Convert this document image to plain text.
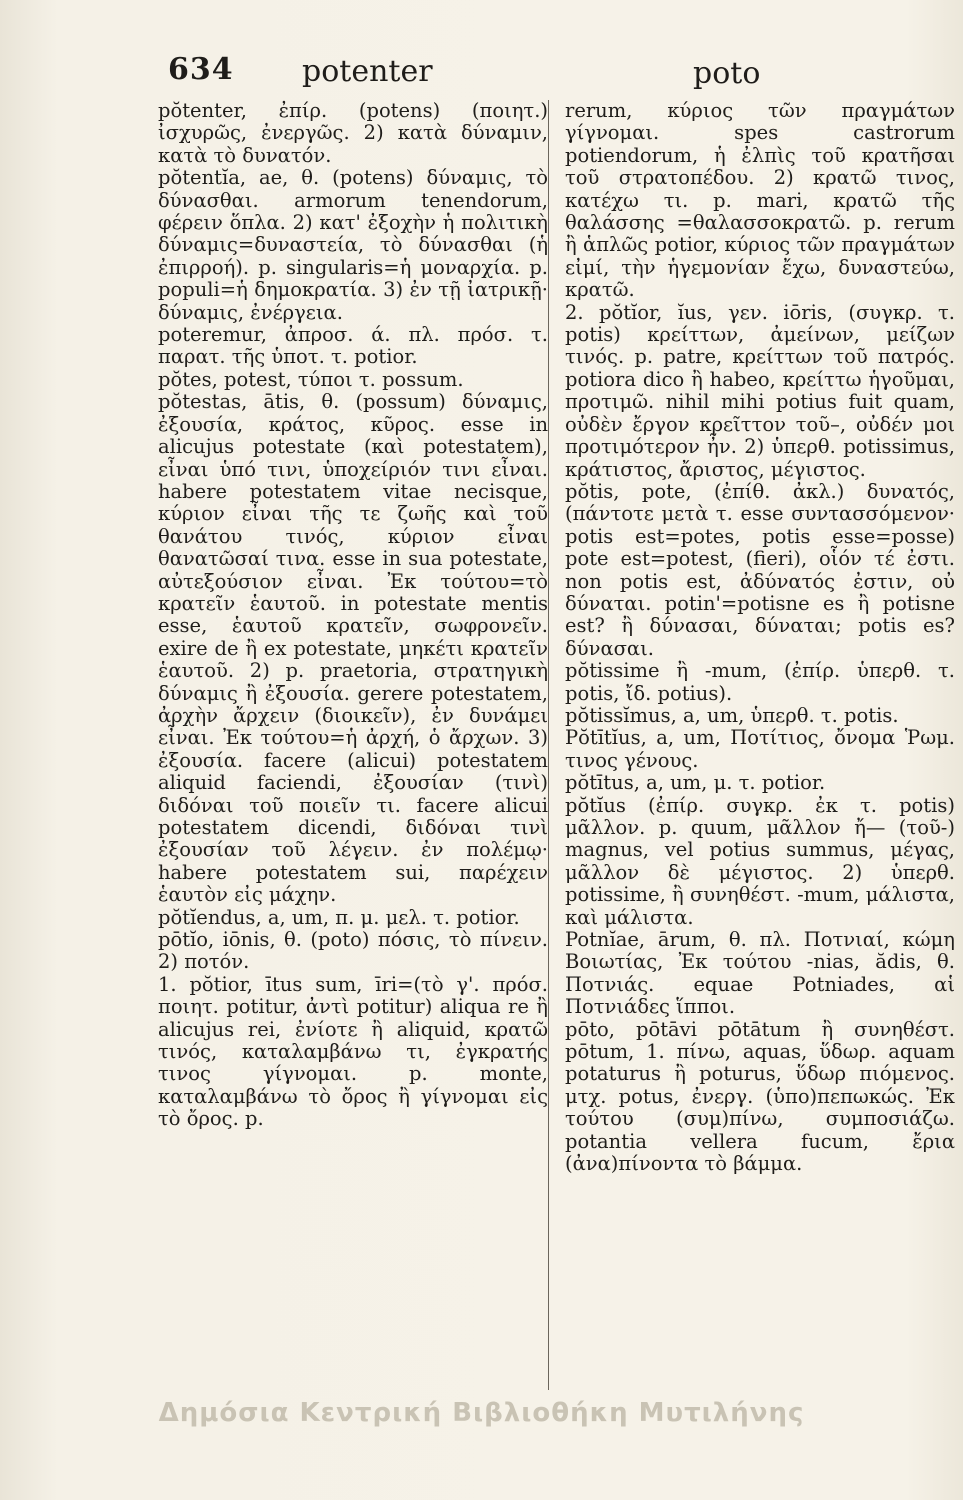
634 potenter	poto

pŏtenter, ἐπίρ. (potens) (ποιητ.) ἰσχυρῶς, ἐνεργῶς. 2) κατὰ δύναμιν, κατὰ τὸ δυνατόν.

pŏtentĭa, ae, θ. (potens) δύναμις, τὸ δύνασθαι. armorum tenendorum, φέρειν ὅπλα. 2) κατ' ἐξοχὴν ἡ πολιτικὴ δύναμις=δυναστεία, τὸ δύνασθαι (ἡ ἐπιρροή). p. singularis=ἡ μοναρχία. p. populi=ἡ δημοκρατία. 3) ἐν τῇ ἰατρικῇ· δύναμις, ἐνέργεια.

poteremur, ἀπροσ. ά. πλ. πρόσ. τ. παρατ. τῆς ὑποτ. τ. potior.

pŏtes, potest, τύποι τ. possum.

pŏtestas, ātis, θ. (possum) δύναμις, ἐξουσία, κράτος, κῦρος. esse in alicujus potestate (καὶ potestatem), εἶναι ὑπό τινι, ὑποχείριόν τινι εἶναι. habere potestatem vitae necisque, κύριον εἶναι τῆς τε ζωῆς καὶ τοῦ θανάτου τινός, κύριον εἶναι θανατῶσαί τινα. esse in sua potestate, αὐτεξούσιον εἶναι. Ἐκ τούτου=τὸ κρατεῖν ἑαυτοῦ. in potestate mentis esse, ἑαυτοῦ κρατεῖν, σωφρονεῖν. exire de ἢ ex potestate, μηκέτι κρατεῖν ἑαυτοῦ. 2) p. praetoria, στρατηγικὴ δύναμις ἢ ἐξουσία. gerere potestatem, ἀρχὴν ἄρχειν (διοικεῖν), ἐν δυνάμει εἶναι. Ἐκ τούτου=ἡ ἀρχή, ὁ ἄρχων. 3) ἐξουσία. facere (alicui) potestatem aliquid faciendi, ἐξουσίαν (τινὶ) διδόναι τοῦ ποιεῖν τι. facere alicui potestatem dicendi, διδόναι τινὶ ἐξουσίαν τοῦ λέγειν. ἐν πολέμῳ· habere potestatem sui, παρέχειν ἑαυτὸν εἰς μάχην.

pŏtĭendus, a, um, π. μ. μελ. τ. potior.

pōtĭo, iōnis, θ. (poto) πόσις, τὸ πίνειν. 2) ποτόν.

1. pŏtior, ītus sum, īri=(τὸ γ'. πρόσ. ποιητ. potitur, ἀντὶ potitur) aliqua re ἢ alicujus rei, ἐνίοτε ἢ aliquid, κρατῶ τινός, καταλαμβάνω τι, ἐγκρατής τινος γίγνομαι. p. monte, καταλαμβάνω τὸ ὄρος ἢ γίγνομαι εἰς τὸ ὄρος. p.

rerum, κύριος τῶν πραγμάτων γίγνομαι. spes castrorum potiendorum, ἡ ἐλπὶς τοῦ κρατῆσαι τοῦ στρατοπέδου. 2) κρατῶ τινος, κατέχω τι. p. mari, κρατῶ τῆς θαλάσσης =θαλασσοκρατῶ. p. rerum ἢ ἁπλῶς potior, κύριος τῶν πραγμάτων εἰμί, τὴν ἡγεμονίαν ἔχω, δυναστεύω, κρατῶ.

2. pŏtĭor, ĭus, γεν. iōris, (συγκρ. τ. potis) κρείττων, ἀμείνων, μείζων τινός. p. patre, κρείττων τοῦ πατρός. potiora dico ἢ habeo, κρείττω ἡγοῦμαι, προτιμῶ. nihil mihi potius fuit quam, οὐδὲν ἔργον κρεῖττον τοῦ–, οὐδέν μοι προτιμότερον ἦν. 2) ὑπερθ. potissimus, κράτιστος, ἄριστος, μέγιστος.

pŏtis, pote, (ἐπίθ. ἀκλ.) δυνατός, (πάντοτε μετὰ τ. esse συντασσόμενον· potis est=potes, potis esse=posse) pote est=potest, (fieri), οἷόν τέ ἐστι. non potis est, ἀδύνατός ἐστιν, οὐ δύναται. potin'=potisne es ἢ potisne est? ἢ δύνασαι, δύναται; potis es? δύνασαι.

pŏtissime ἢ -mum, (ἐπίρ. ὑπερθ. τ. potis, ἴδ. potius).

pŏtissĭmus, a, um, ὑπερθ. τ. potis.

Pŏtītĭus, a, um, Ποτίτιος, ὄνομα Ῥωμ. τινος γένους.

pŏtītus, a, um, μ. τ. potior.

pŏtĭus (ἐπίρ. συγκρ. ἐκ τ. potis) μᾶλλον. p. quum, μᾶλλον ἤ— (τοῦ-) magnus, vel potius summus, μέγας, μᾶλλον δὲ μέγιστος. 2) ὑπερθ. potissime, ἢ συνηθέστ. -mum, μάλιστα, καὶ μάλιστα.

Potnĭae, ārum, θ. πλ. Ποτνιαί, κώμη Βοιωτίας, Ἐκ τούτου -nias, ădis, θ. Ποτνιάς. equae Potniades, αἱ Ποτνιάδες ἵπποι.

pōto, pōtāvi pōtātum ἢ συνηθέστ. pōtum, 1. πίνω, aquas, ὕδωρ. aquam potaturus ἢ poturus, ὕδωρ πιόμενος. μτχ. potus, ἐνεργ. (ὑπο)πεπωκώς. Ἐκ τούτου (συμ)πίνω, συμποσιάζω. potantia vellera fucum, ἔρια (ἀνα)πίνοντα τὸ βάμμα.

Δημόσια Κεντρική Βιβλιοθήκη Μυτιλήνης
